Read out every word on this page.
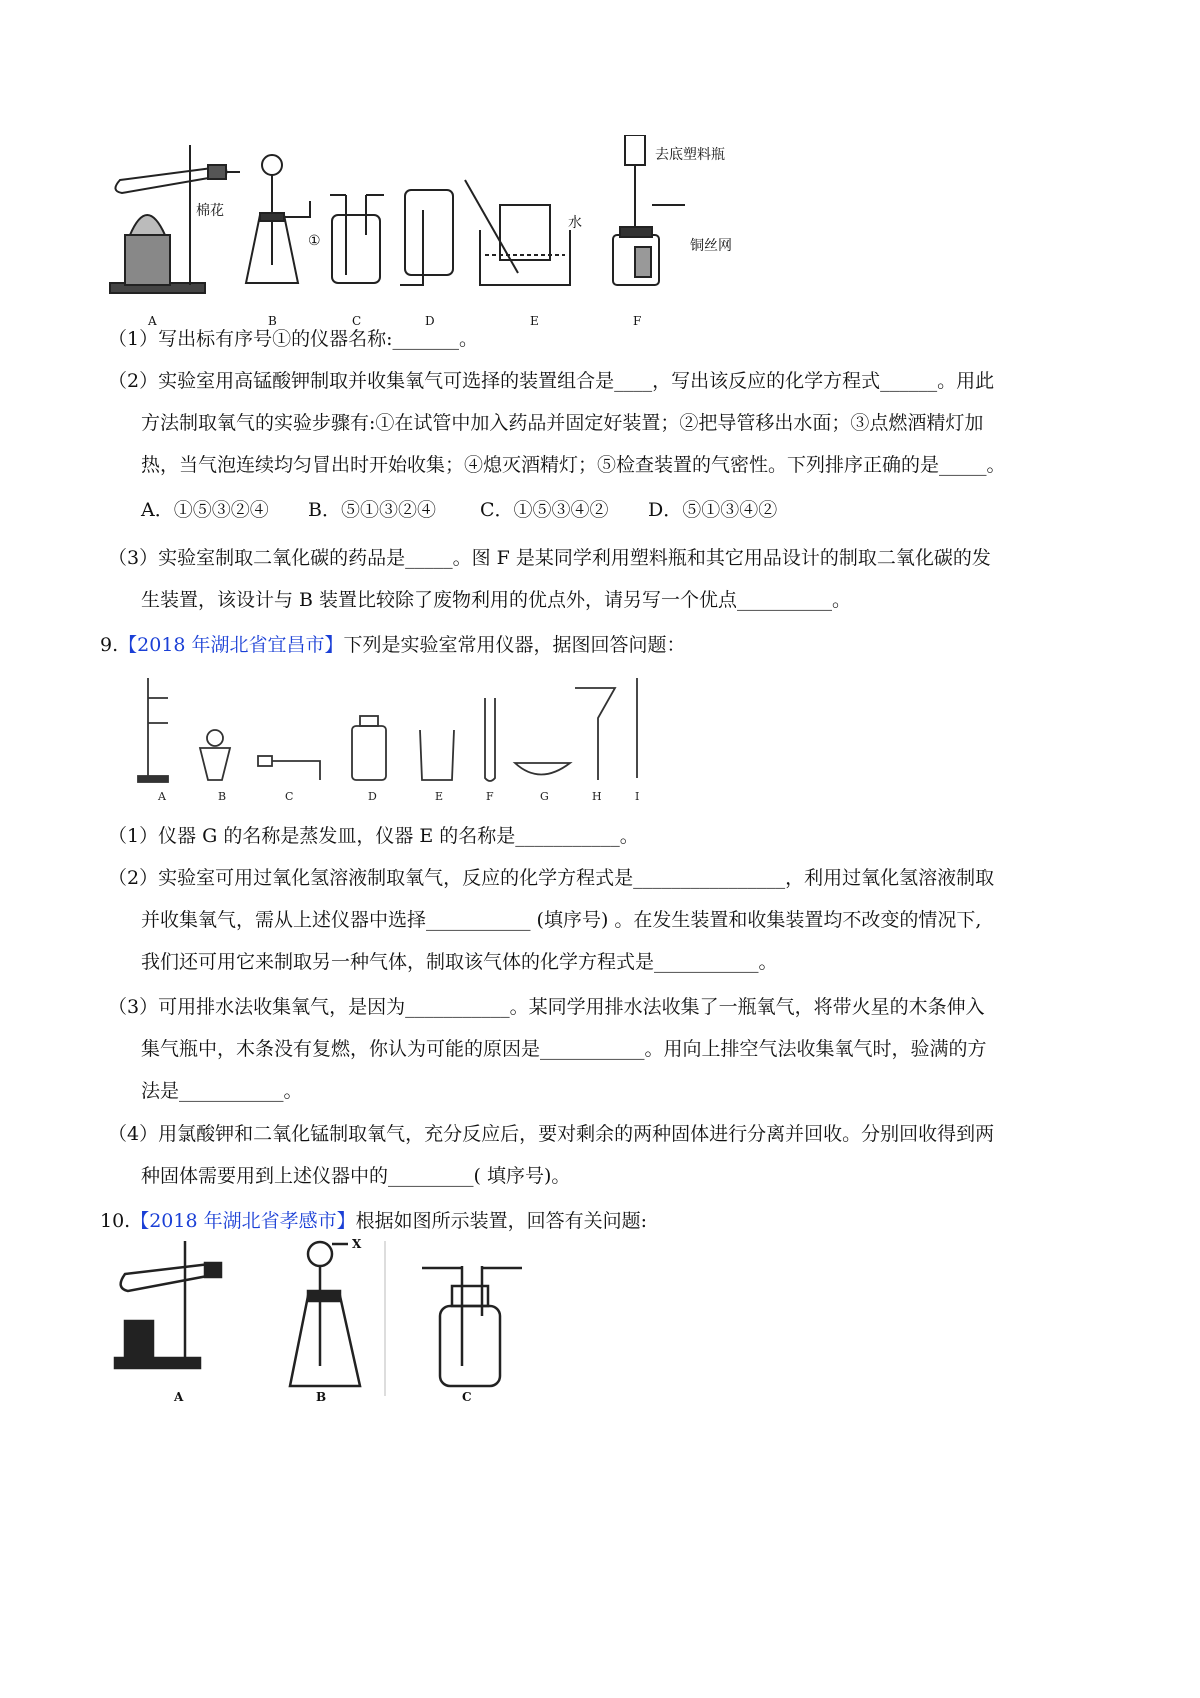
A	B	C	D	E	F
棉花
①
水
去底塑料瓶
铜丝网
（1）写出标有序号①的仪器名称:_______。
（2）实验室用高锰酸钾制取并收集氧气可选择的装置组合是____，写出该反应的化学方程式______。用此
方法制取氧气的实验步骤有:①在试管中加入药品并固定好装置；②把导管移出水面；③点燃酒精灯加
热，当气泡连续均匀冒出时开始收集；④熄灭酒精灯；⑤检查装置的气密性。下列排序正确的是_____。
A．①⑤③②④	B．⑤①③②④	C．①⑤③④②	D．⑤①③④②
（3）实验室制取二氧化碳的药品是_____。图 F 是某同学利用塑料瓶和其它用品设计的制取二氧化碳的发
生装置，该设计与 B 装置比较除了废物利用的优点外，请另写一个优点__________。
9.【2018 年湖北省宜昌市】下列是实验室常用仪器，据图回答问题：
A	B	C	D	E	F	G	H	I
（1）仪器 G 的名称是蒸发皿，仪器 E 的名称是___________。
（2）实验室可用过氧化氢溶液制取氧气，反应的化学方程式是________________，利用过氧化氢溶液制取
并收集氧气，需从上述仪器中选择___________ (填序号) 。在发生装置和收集装置均不改变的情况下,
我们还可用它来制取另一种气体，制取该气体的化学方程式是___________。
（3）可用排水法收集氧气，是因为___________。某同学用排水法收集了一瓶氧气，将带火星的木条伸入
集气瓶中，木条没有复燃，你认为可能的原因是___________。用向上排空气法收集氧气时，验满的方
法是___________。
（4）用氯酸钾和二氧化锰制取氧气，充分反应后，要对剩余的两种固体进行分离并回收。分别回收得到两
种固体需要用到上述仪器中的_________( 填序号)。
10.【2018 年湖北省孝感市】根据如图所示装置，回答有关问题:
A	B	C
X
